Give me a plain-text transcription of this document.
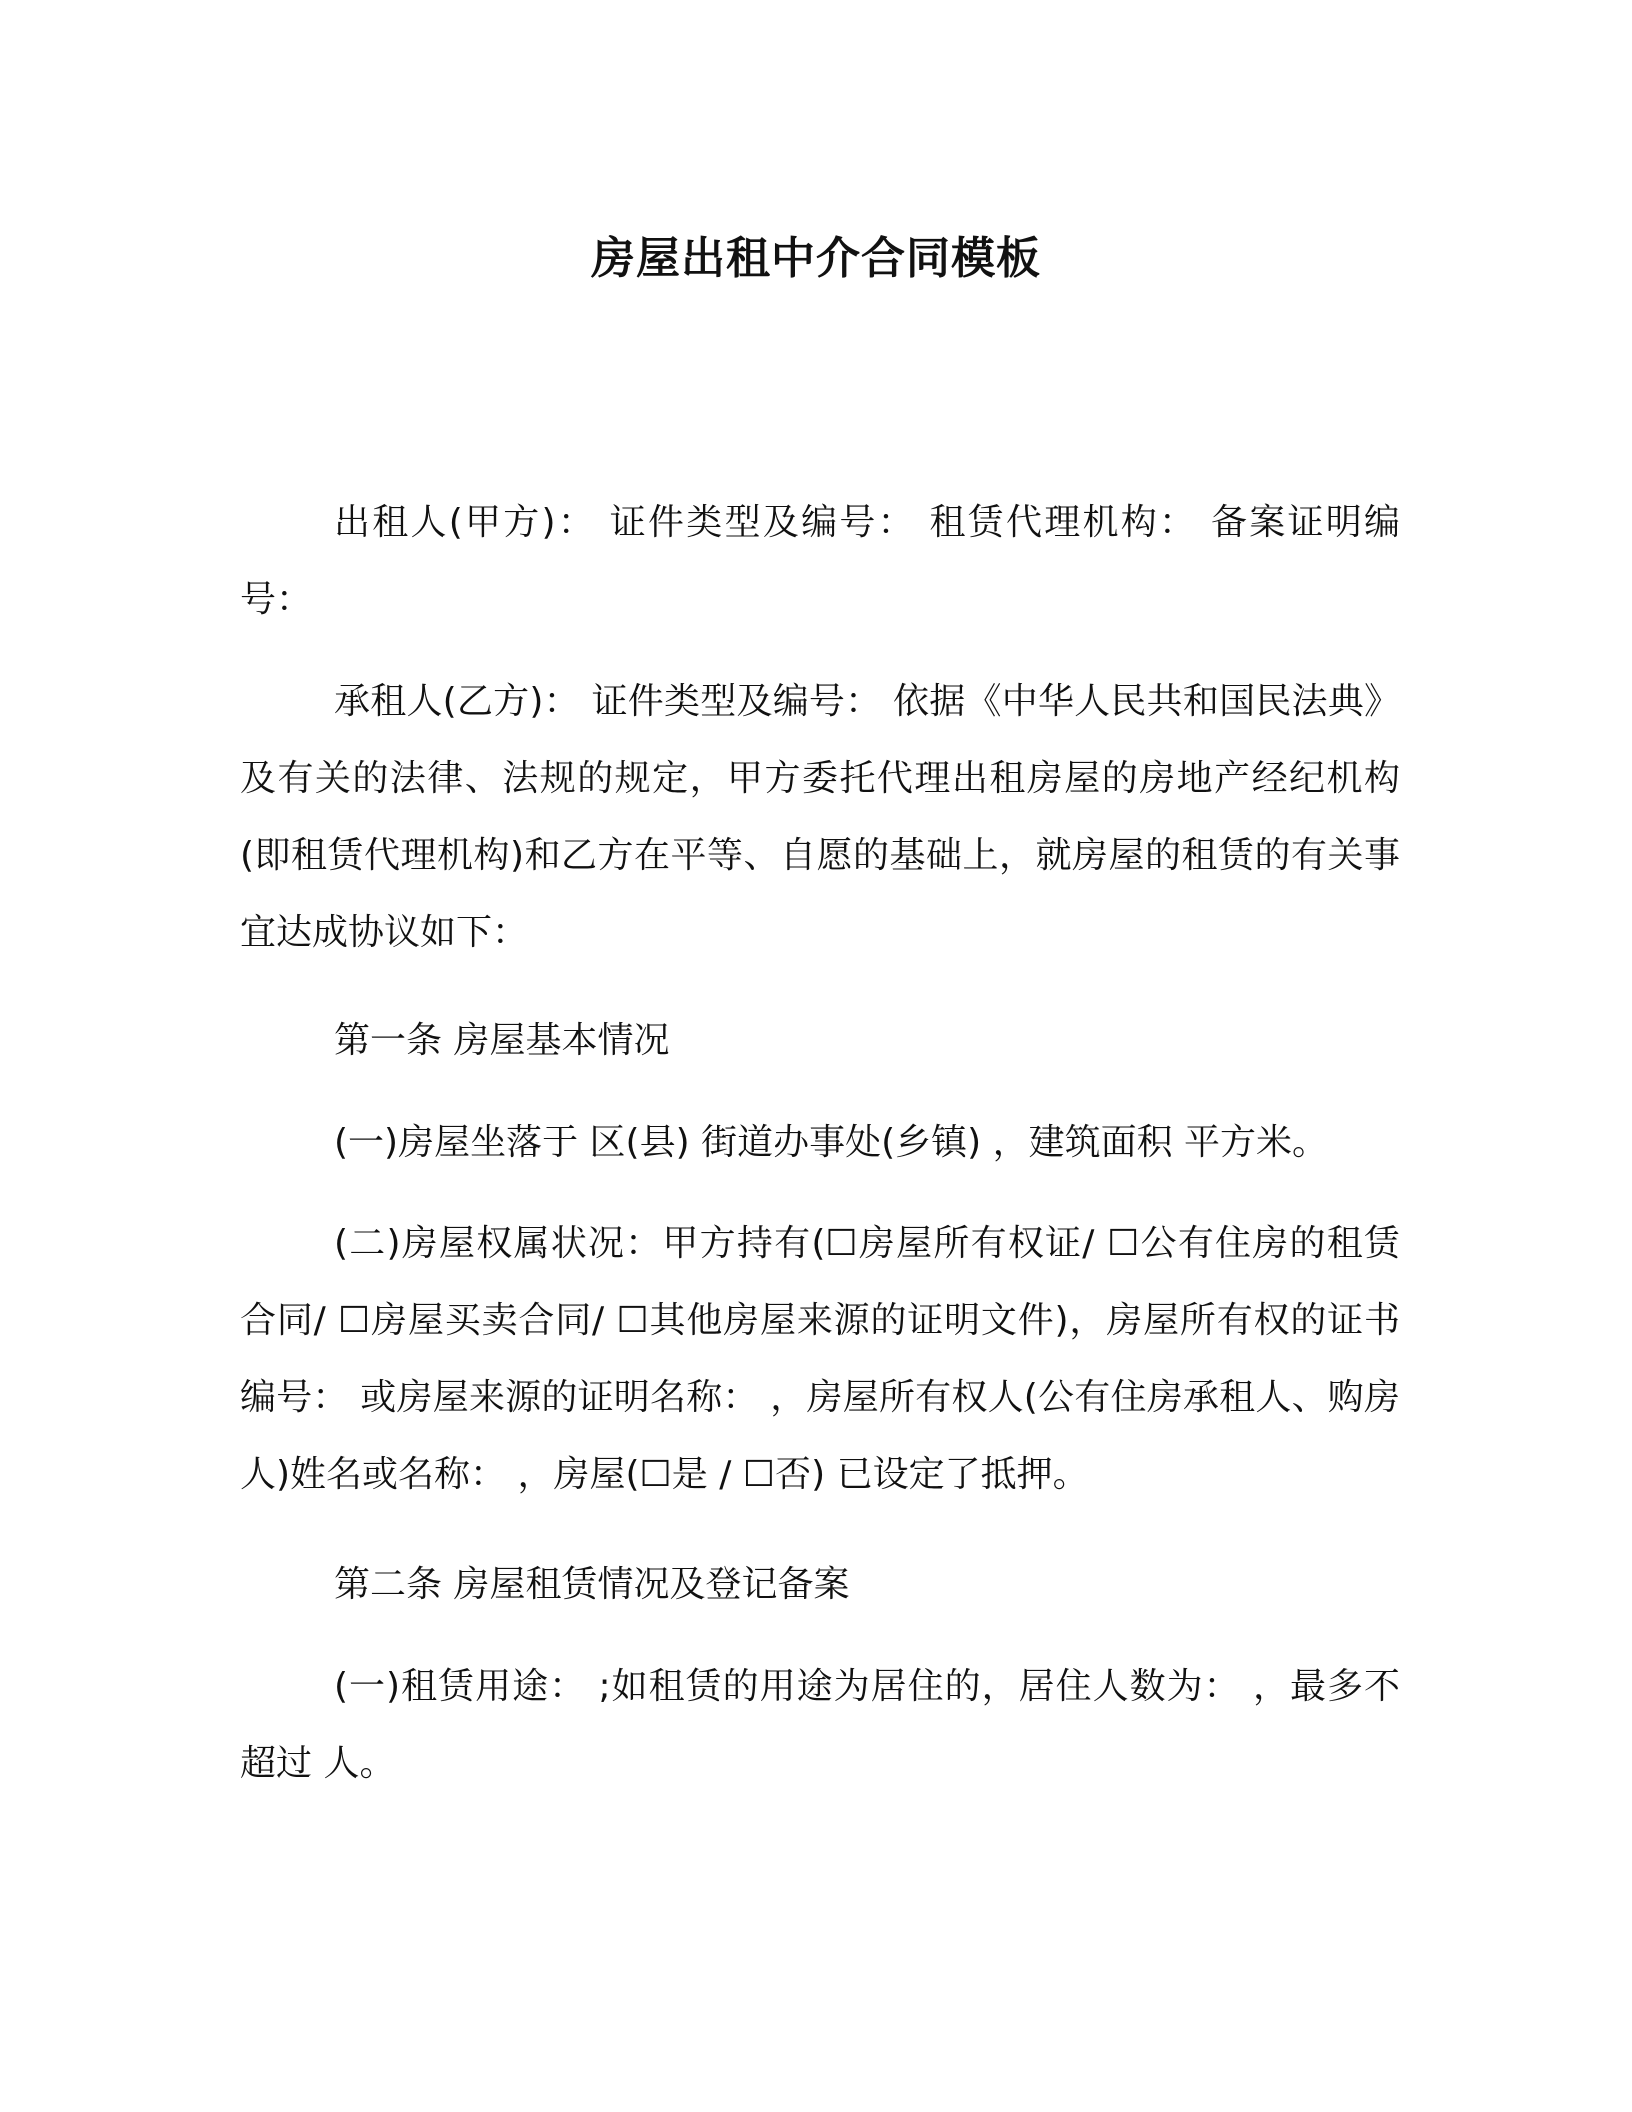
房屋出租中介合同模板

出租人(甲方)： 证件类型及编号： 租赁代理机构： 备案证明编号：

承租人(乙方)： 证件类型及编号： 依据《中华人民共和国民法典》及有关的法律、法规的规定，甲方委托代理出租房屋的房地产经纪机构(即租赁代理机构)和乙方在平等、自愿的基础上，就房屋的租赁的有关事宜达成协议如下：

第一条 房屋基本情况

(一)房屋坐落于 区(县) 街道办事处(乡镇) ，建筑面积 平方米。

(二)房屋权属状况：甲方持有(☐房屋所有权证/ ☐公有住房的租赁合同/ ☐房屋买卖合同/ ☐其他房屋来源的证明文件)，房屋所有权的证书编号： 或房屋来源的证明名称： ，房屋所有权人(公有住房承租人、购房人)姓名或名称： ，房屋(☐是 / ☐否) 已设定了抵押。

第二条 房屋租赁情况及登记备案

(一)租赁用途： ;如租赁的用途为居住的，居住人数为： ，最多不超过 人。
